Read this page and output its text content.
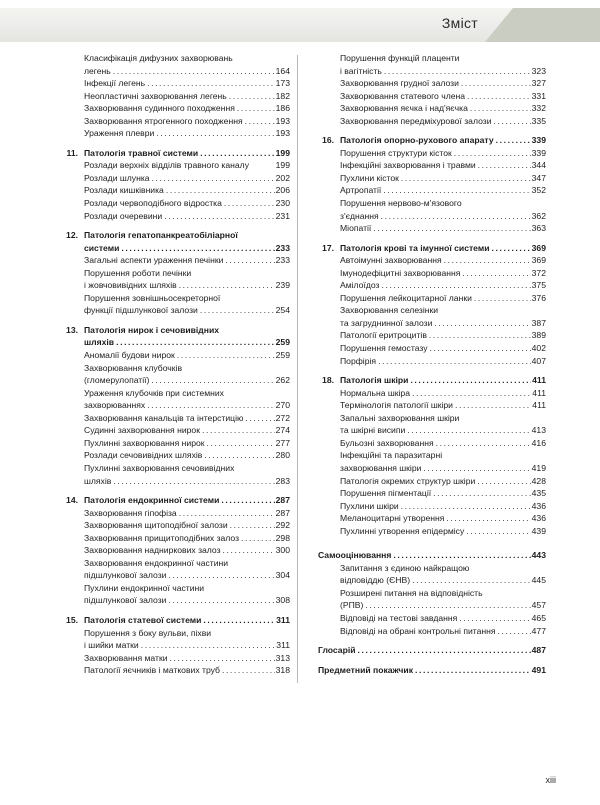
Зміст
Класифікація дифузних захворювань
легень .....	164
Інфекції легень .....	173
Неопластичні захворювання легень .....	182
Захворювання судинного походження .....	186
Захворювання ятрогенного походження .....	193
Ураження плеври .....	193
11. Патологія травної системи .....	199
Розлади верхніх відділів травного каналу	199
Розлади шлунка .....	202
Розлади кишківника .....	206
Розлади червоподібного відростка .....	230
Розлади очеревини .....	231
12. Патологія гепатопанкреатобіліарної
системи .....	233
Загальні аспекти ураження печінки .....	233
Порушення роботи печінки
і жовчовивідних шляхів .....	239
Порушення зовнішньосекреторної
функції підшлункової залози .....	254
13. Патологія нирок і сечовивідних
шляхів .....	259
Аномалії будови нирок .....	259
Захворювання клубочків
(гломерулопатії) .....	262
Ураження клубочків при системних
захворюваннях .....	270
Захворювання канальців та інтерстицію .....	272
Судинні захворювання нирок .....	274
Пухлинні захворювання нирок .....	277
Розлади сечовивідних шляхів .....	280
Пухлинні захворювання сечовивідних
шляхів .....	283
14. Патологія ендокринної системи .....	287
Захворювання гіпофіза .....	287
Захворювання щитоподібної залози .....	292
Захворювання прищитоподібних залоз .....	298
Захворювання надниркових залоз .....	300
Захворювання ендокринної частини
підшлункової залози .....	304
Пухлини ендокринної частини
підшлункової залози .....	308
15. Патологія статевої системи .....	311
Порушення з боку вульви, піхви
і шийки матки .....	311
Захворювання матки .....	313
Патології яєчників і маткових труб .....	318
Порушення функцій плаценти
і вагітність .....	323
Захворювання грудної залози .....	327
Захворювання статевого члена .....	331
Захворювання яєчка і над'яєчка .....	332
Захворювання передміхурової залози .....	335
16. Патологія опорно-рухового апарату .....	339
Порушення структури кісток .....	339
Інфекційні захворювання і травми .....	344
Пухлини кісток .....	347
Артропатії .....	352
Порушення нервово-м'язового
з'єднання .....	362
Міопатії .....	363
17. Патологія крові та імунної системи .....	369
Автоімунні захворювання .....	369
Імунодефіцитні захворювання .....	372
Амілоїдоз .....	375
Порушення лейкоцитарної ланки .....	376
Захворювання селезінки
та загруднинної залози .....	387
Патології еритроцитів .....	389
Порушення гемостазу .....	402
Порфірія .....	407
18. Патологія шкіри .....	411
Нормальна шкіра .....	411
Термінологія патології шкіри .....	411
Запальні захворювання шкіри
та шкірні висипи .....	413
Бульозні захворювання .....	416
Інфекційні та паразитарні
захворювання шкіри .....	419
Патологія окремих структур шкіри .....	428
Порушення пігментації .....	435
Пухлини шкіри .....	436
Меланоцитарні утворення .....	436
Пухлинні утворення епідермісу .....	439
Самооцінювання .....	443
Запитання з єдиною найкращою
відповіддю (ЄНВ) .....	445
Розширені питання на відповідність
(РПВ) .....	457
Відповіді на тестові завдання .....	465
Відповіді на обрані контрольні питання .....	477
Глосарій .....	487
Предметний покажчик .....	491
xiii
